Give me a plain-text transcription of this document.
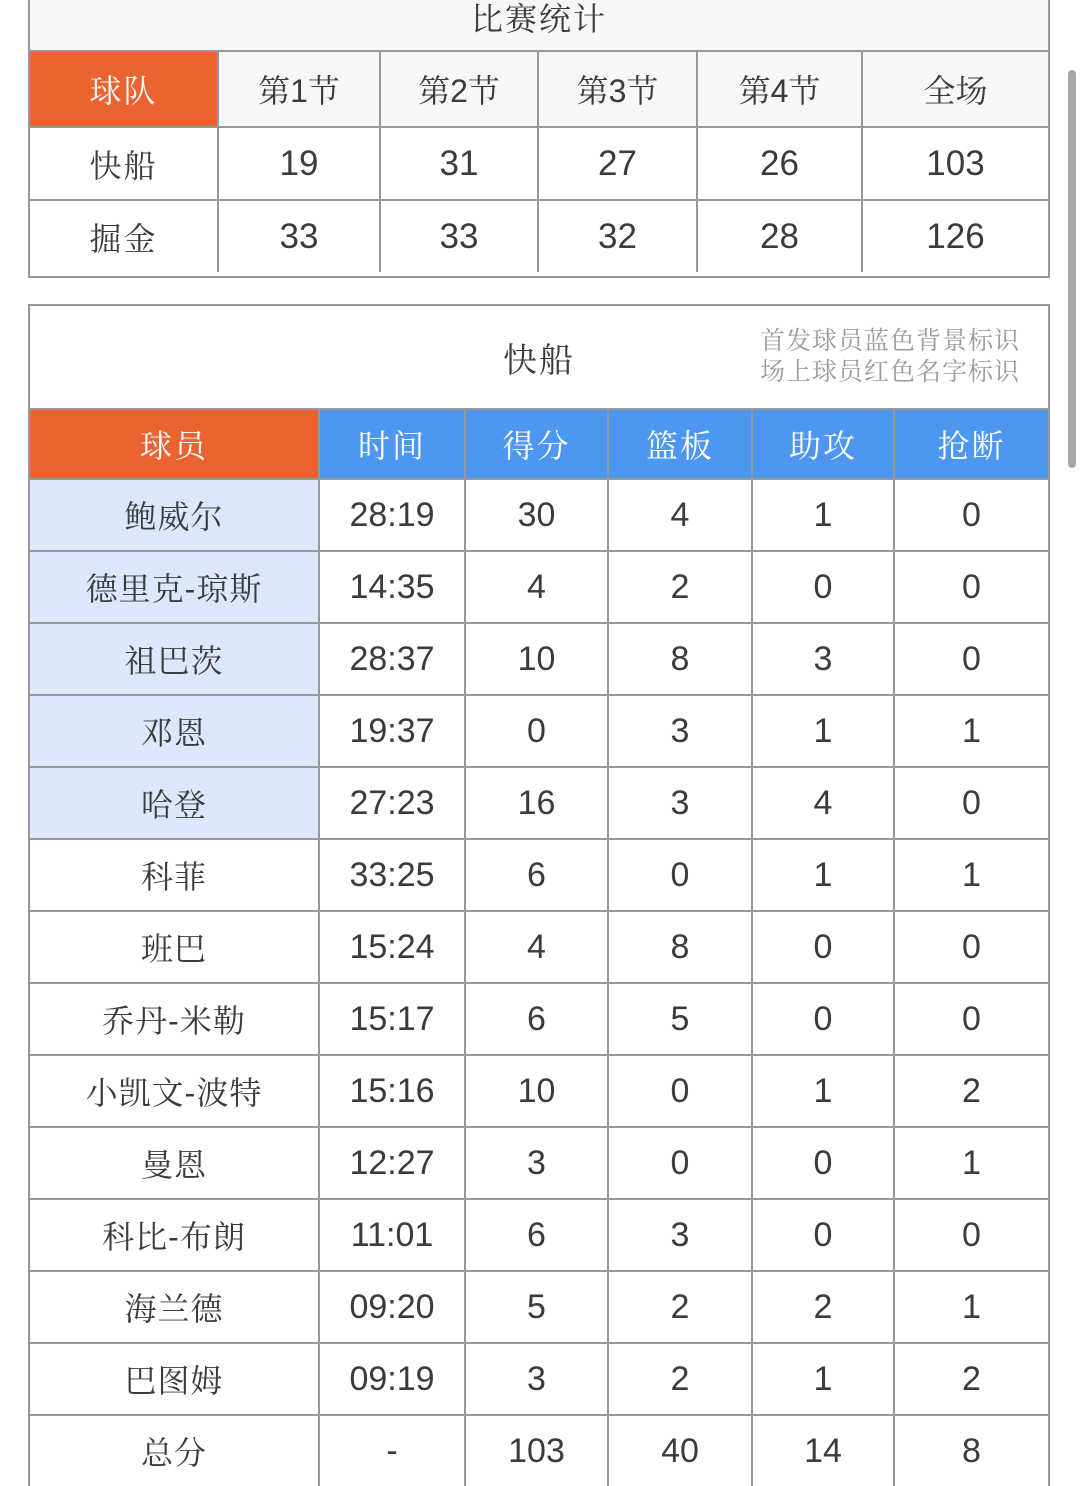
比赛统计
球队	第1节	第2节	第3节	第4节	全场
快船	19	31	27	26	103
掘金	33	33	32	28	126
快船
首发球员蓝色背景标识
场上球员红色名字标识
球员	时间	得分	篮板	助攻	抢断
鲍威尔	28:19	30	4	1	0
德里克-琼斯	14:35	4	2	0	0
祖巴茨	28:37	10	8	3	0
邓恩	19:37	0	3	1	1
哈登	27:23	16	3	4	0
科菲	33:25	6	0	1	1
班巴	15:24	4	8	0	0
乔丹-米勒	15:17	6	5	0	0
小凯文-波特	15:16	10	0	1	2
曼恩	12:27	3	0	0	1
科比-布朗	11:01	6	3	0	0
海兰德	09:20	5	2	2	1
巴图姆	09:19	3	2	1	2
总分	-	103	40	14	8
